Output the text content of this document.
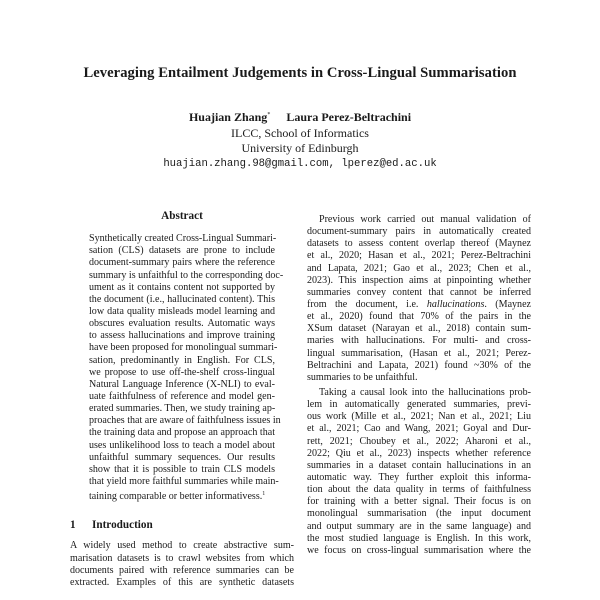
Leveraging Entailment Judgements in Cross-Lingual Summarisation
Huajian Zhang* Laura Perez-Beltrachini
ILCC, School of Informatics
University of Edinburgh
huajian.zhang.98@gmail.com, lperez@ed.ac.uk
Abstract
Synthetically created Cross-Lingual Summari-
sation (CLS) datasets are prone to include
document-summary pairs where the reference
summary is unfaithful to the corresponding doc-
ument as it contains content not supported by
the document (i.e., hallucinated content). This
low data quality misleads model learning and
obscures evaluation results. Automatic ways
to assess hallucinations and improve training
have been proposed for monolingual summari-
sation, predominantly in English. For CLS,
we propose to use off-the-shelf cross-lingual
Natural Language Inference (X-NLI) to eval-
uate faithfulness of reference and model gen-
erated summaries. Then, we study training ap-
proaches that are aware of faithfulness issues in
the training data and propose an approach that
uses unlikelihood loss to teach a model about
unfaithful summary sequences. Our results
show that it is possible to train CLS models
that yield more faithful summaries while main-
taining comparable or better informativess.$^1$
1 Introduction
A widely used method to create abstractive sum-
marisation datasets is to crawl websites from which
documents paired with reference summaries can be
extracted. Examples of this are synthetic datasets
Previous work carried out manual validation of
document-summary pairs in automatically created
datasets to assess content overlap thereof (Maynez
et al., 2020; Hasan et al., 2021; Perez-Beltrachini
and Lapata, 2021; Gao et al., 2023; Chen et al.,
2023). This inspection aims at pinpointing whether
summaries convey content that cannot be inferred
from the document, i.e. hallucinations. (Maynez
et al., 2020) found that 70% of the pairs in the
XSum dataset (Narayan et al., 2018) contain sum-
maries with hallucinations. For multi- and cross-
lingual summarisation, (Hasan et al., 2021; Perez-
Beltrachini and Lapata, 2021) found ~30% of the
summaries to be unfaithful.
Taking a causal look into the hallucinations prob-
lem in automatically generated summaries, previ-
ous work (Mille et al., 2021; Nan et al., 2021; Liu
et al., 2021; Cao and Wang, 2021; Goyal and Dur-
rett, 2021; Choubey et al., 2022; Aharoni et al.,
2022; Qiu et al., 2023) inspects whether reference
summaries in a dataset contain hallucinations in an
automatic way. They further exploit this informa-
tion about the data quality in terms of faithfulness
for training with a better signal. Their focus is on
monolingual summarisation (the input document
and output summary are in the same language) and
the most studied language is English. In this work,
we focus on cross-lingual summarisation where the
